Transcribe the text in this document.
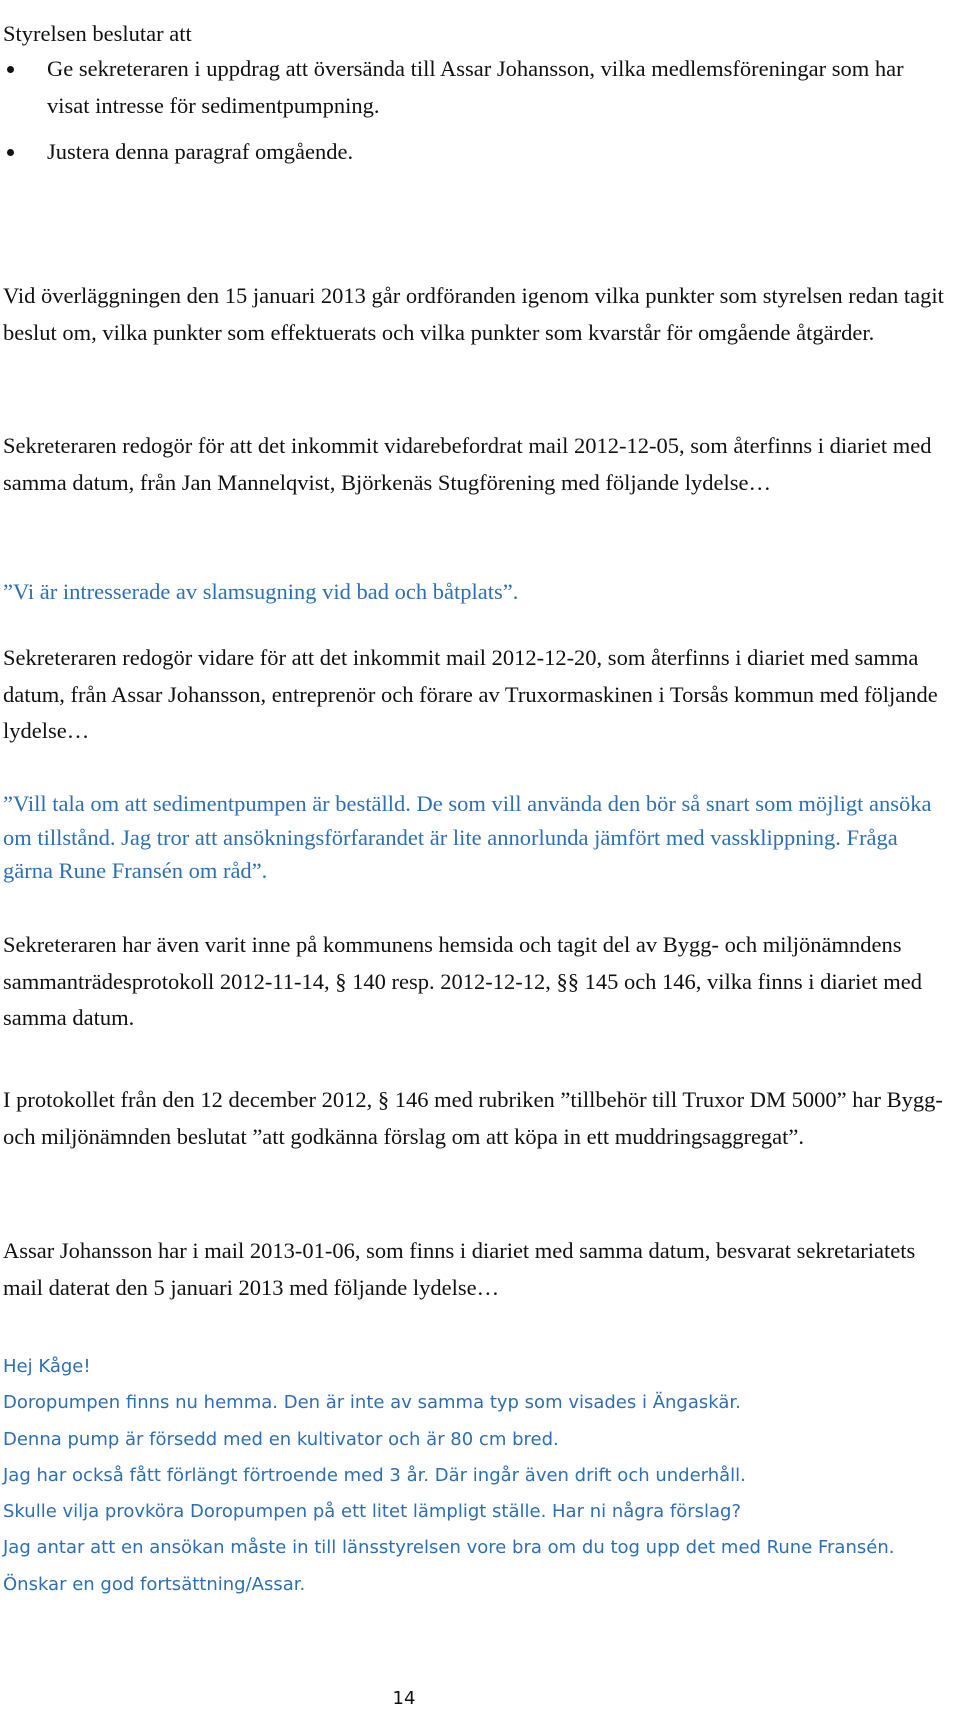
Styrelsen beslutar att

Ge sekreteraren i uppdrag att översända till Assar Johansson, vilka medlemsföreningar som har visat intresse för sedimentpumpning.
Justera denna paragraf omgående.

Vid överläggningen den 15 januari 2013 går ordföranden igenom vilka punkter som styrelsen redan tagit beslut om, vilka punkter som effektuerats och vilka punkter som kvarstår för omgående åtgärder.

Sekreteraren redogör för att det inkommit vidarebefordrat mail 2012-12-05, som återfinns i diariet med samma datum, från Jan Mannelqvist, Björkenäs Stugförening med följande lydelse…

”Vi är intresserade av slamsugning vid bad och båtplats”.

Sekreteraren redogör vidare för att det inkommit mail 2012-12-20, som återfinns i diariet med samma datum, från Assar Johansson, entreprenör och förare av Truxormaskinen i Torsås kommun med följande lydelse…

”Vill tala om att sedimentpumpen är beställd. De som vill använda den bör så snart som möjligt ansöka om tillstånd. Jag tror att ansökningsförfarandet är lite annorlunda jämfört med vassklippning. Fråga gärna Rune Fransén om råd”.

Sekreteraren har även varit inne på kommunens hemsida och tagit del av Bygg- och miljönämndens sammanträdesprotokoll 2012-11-14, § 140 resp. 2012-12-12, §§ 145 och 146, vilka finns i diariet med samma datum.

I protokollet från den 12 december 2012, § 146 med rubriken ”tillbehör till Truxor DM 5000” har Bygg- och miljönämnden beslutat ”att godkänna förslag om att köpa in ett muddringsaggregat”.

Assar Johansson har i mail 2013-01-06, som finns i diariet med samma datum, besvarat sekretariatets mail daterat den 5 januari 2013 med följande lydelse…

Hej Kåge!

Doropumpen finns nu hemma. Den är inte av samma typ som visades i Ängaskär.

Denna pump är försedd med en kultivator och är 80 cm bred.

Jag har också fått förlängt förtroende med 3 år. Där ingår även drift och underhåll.

Skulle vilja provköra Doropumpen på ett litet lämpligt ställe. Har ni några förslag?

Jag antar att en ansökan måste in till länsstyrelsen vore bra om du tog upp det med Rune Fransén. Önskar en god fortsättning/Assar.

14
